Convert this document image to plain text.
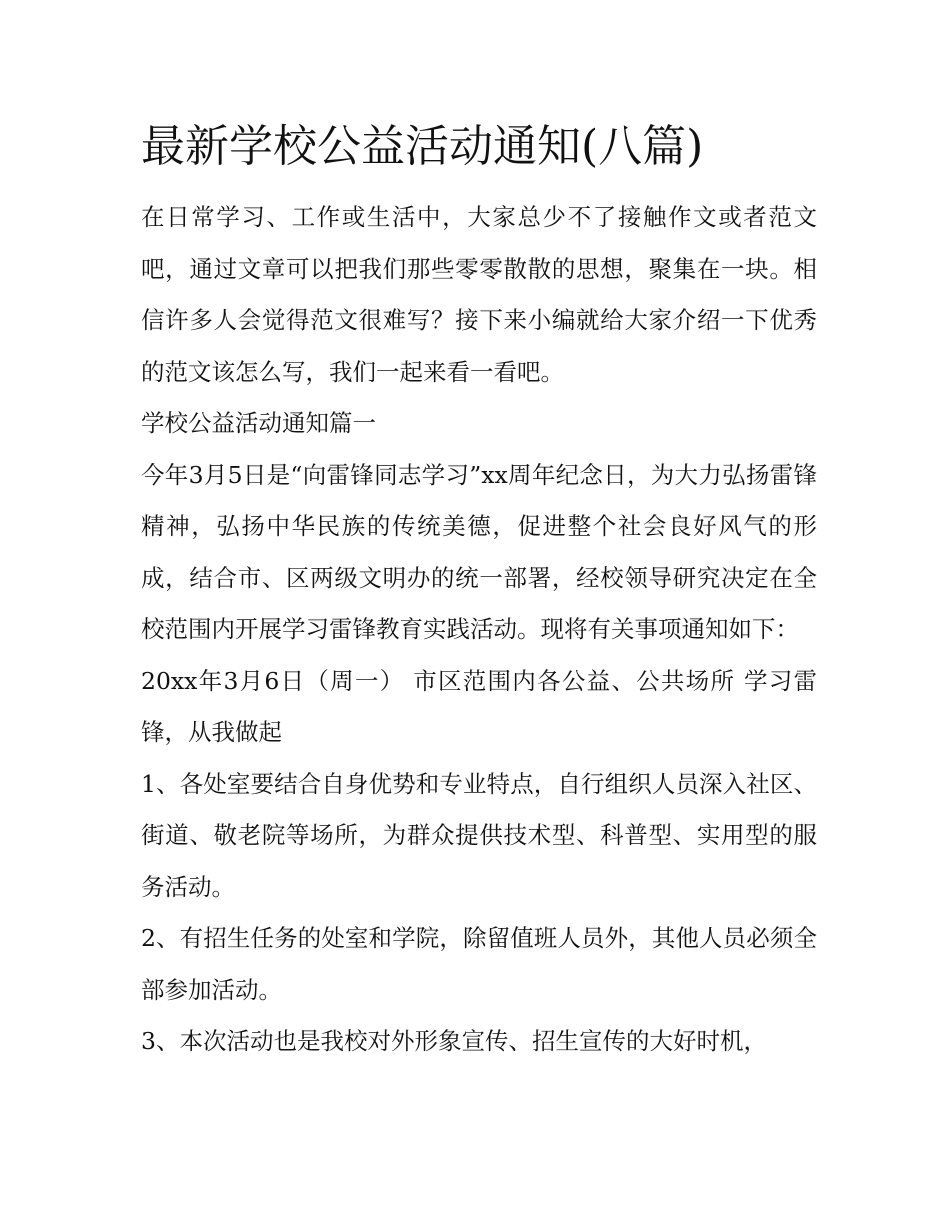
最新学校公益活动通知(八篇)

在日常学习、工作或生活中，大家总少不了接触作文或者范文吧，通过文章可以把我们那些零零散散的思想，聚集在一块。相信许多人会觉得范文很难写？接下来小编就给大家介绍一下优秀的范文该怎么写，我们一起来看一看吧。

学校公益活动通知篇一

今年3月5日是“向雷锋同志学习”xx周年纪念日，为大力弘扬雷锋精神，弘扬中华民族的传统美德，促进整个社会良好风气的形成，结合市、区两级文明办的统一部署，经校领导研究决定在全校范围内开展学习雷锋教育实践活动。现将有关事项通知如下：

20xx年3月6日（周一） 市区范围内各公益、公共场所 学习雷锋，从我做起

1、各处室要结合自身优势和专业特点，自行组织人员深入社区、街道、敬老院等场所，为群众提供技术型、科普型、实用型的服务活动。

2、有招生任务的处室和学院，除留值班人员外，其他人员必须全部参加活动。

3、本次活动也是我校对外形象宣传、招生宣传的大好时机，
